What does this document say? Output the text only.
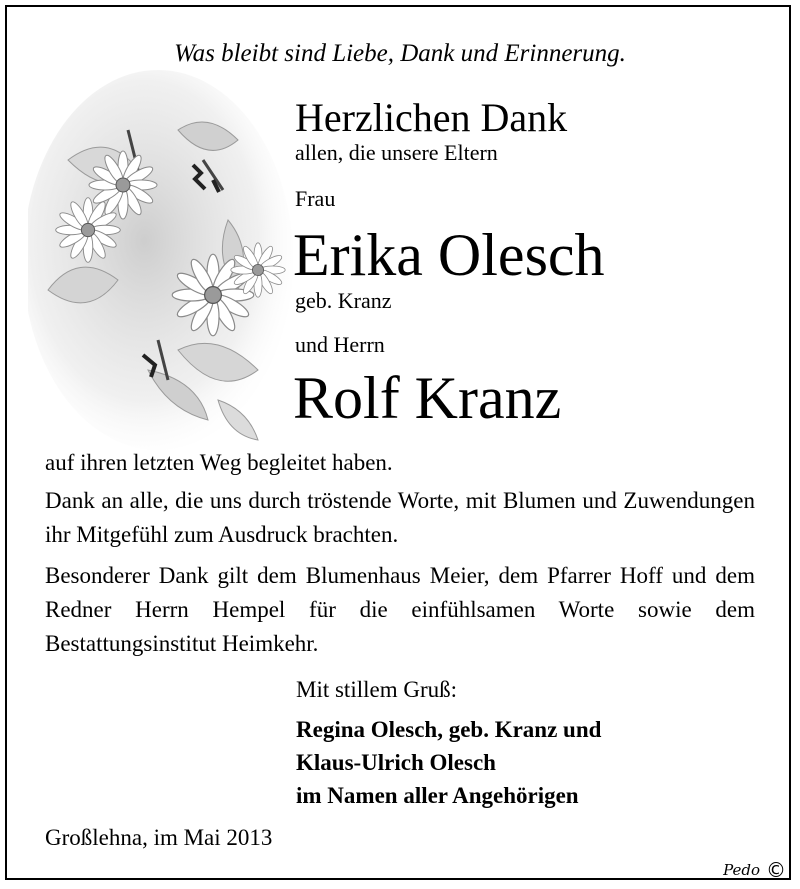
Was bleibt sind Liebe, Dank und Erinnerung.
Herzlichen Dank
allen, die unsere Eltern
Frau
Erika Olesch
geb. Kranz
und Herrn
Rolf Kranz
auf ihren letzten Weg begleitet haben.
Dank an alle, die uns durch tröstende Worte, mit Blumen und Zuwendungen ihr Mitgefühl zum Ausdruck brachten.
Besonderer Dank gilt dem Blumenhaus Meier, dem Pfarrer Hoff und dem Redner Herrn Hempel für die einfühlsamen Worte sowie dem Bestattungsinstitut Heimkehr.
Mit stillem Gruß:
Regina Olesch, geb. Kranz und
Klaus-Ulrich Olesch
im Namen aller Angehörigen
Großlehna, im Mai 2013
Pedo ©
